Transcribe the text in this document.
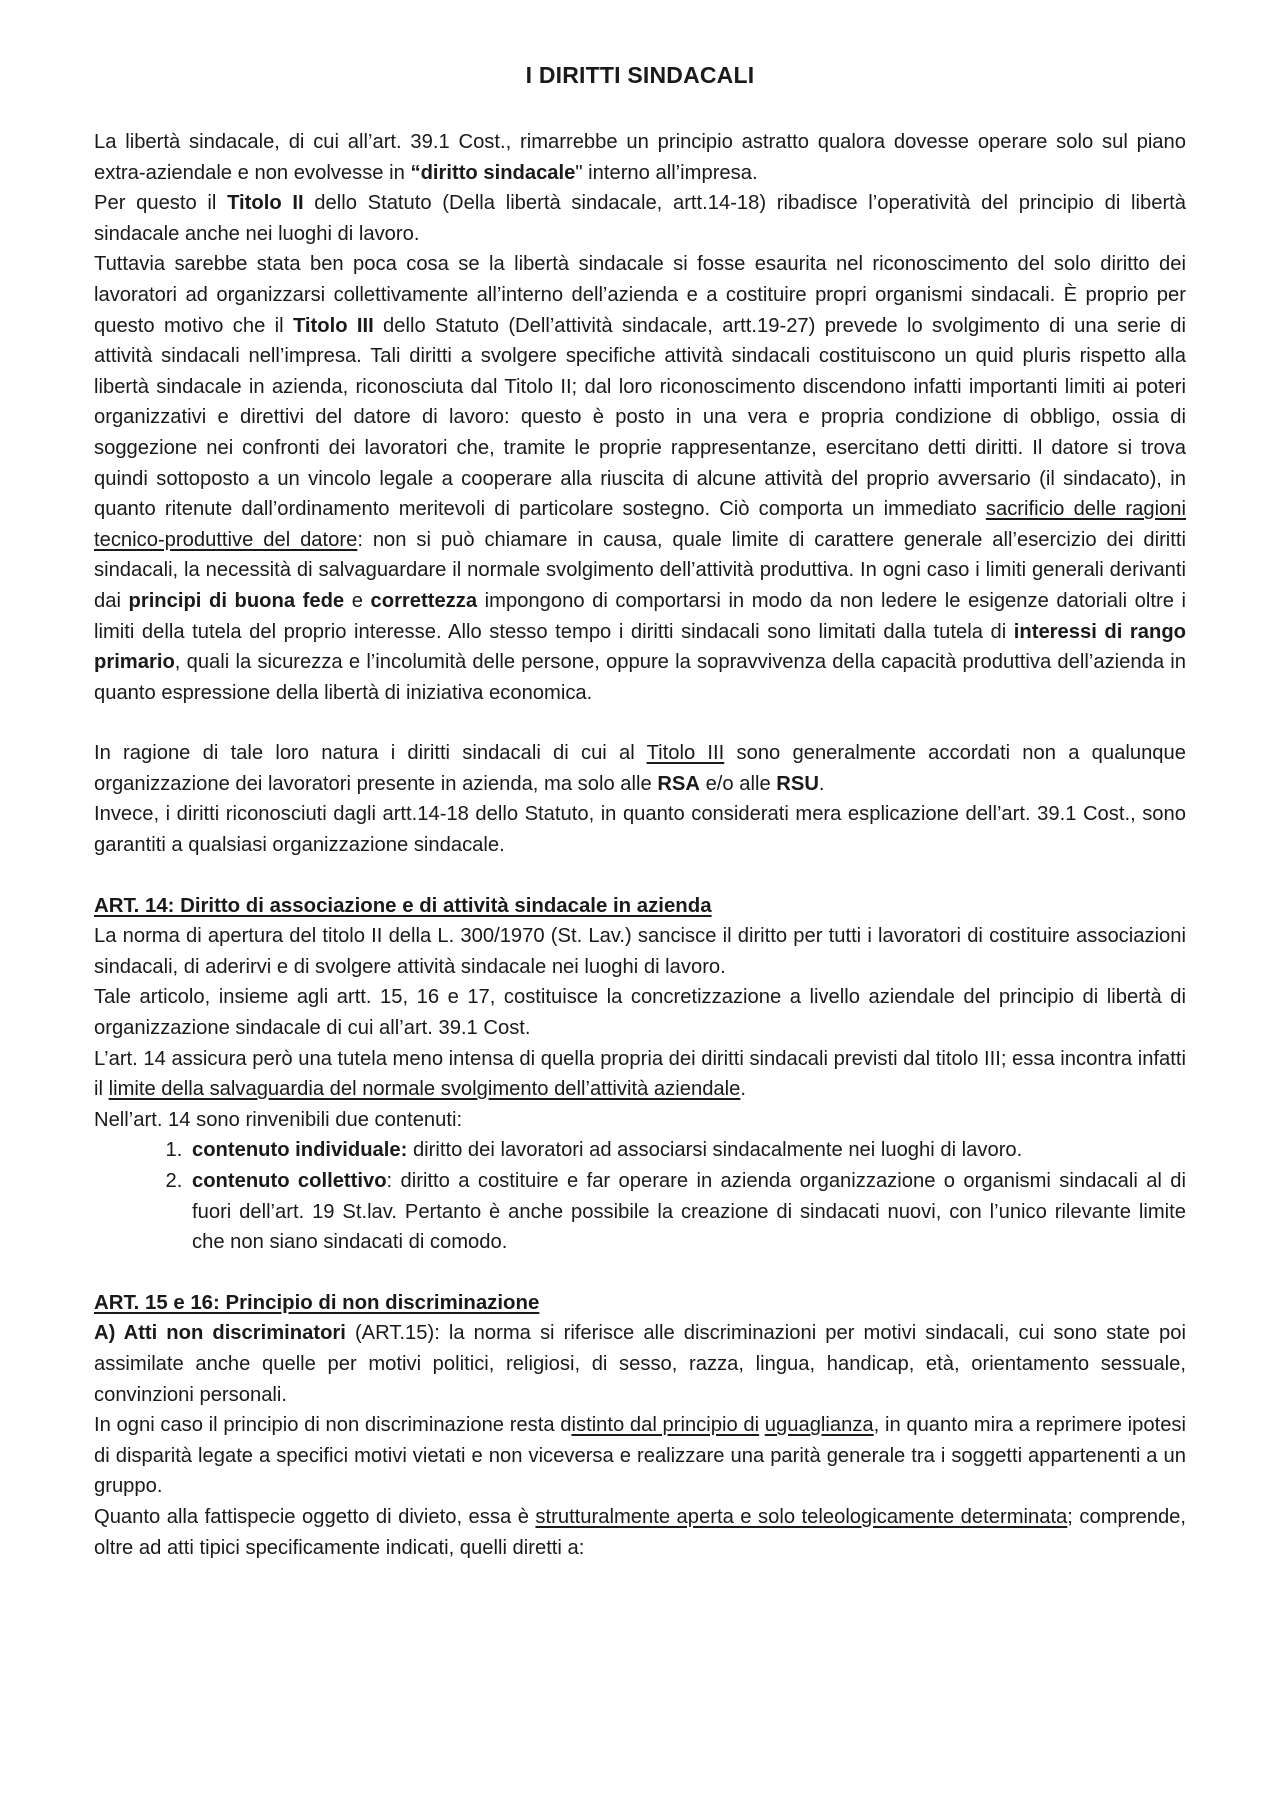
I DIRITTI SINDACALI

La libertà sindacale, di cui all’art. 39.1 Cost., rimarrebbe un principio astratto qualora dovesse operare solo sul piano extra-aziendale e non evolvesse in “diritto sindacale" interno all’impresa.

Per questo il Titolo II dello Statuto (Della libertà sindacale, artt.14-18) ribadisce l’operatività del principio di libertà sindacale anche nei luoghi di lavoro.

Tuttavia sarebbe stata ben poca cosa se la libertà sindacale si fosse esaurita nel riconoscimento del solo diritto dei lavoratori ad organizzarsi collettivamente all’interno dell’azienda e a costituire propri organismi sindacali. È proprio per questo motivo che il Titolo III dello Statuto (Dell’attività sindacale, artt.19-27) prevede lo svolgimento di una serie di attività sindacali nell’impresa. Tali diritti a svolgere specifiche attività sindacali costituiscono un quid pluris rispetto alla libertà sindacale in azienda, riconosciuta dal Titolo II; dal loro riconoscimento discendono infatti importanti limiti ai poteri organizzativi e direttivi del datore di lavoro: questo è posto in una vera e propria condizione di obbligo, ossia di soggezione nei confronti dei lavoratori che, tramite le proprie rappresentanze, esercitano detti diritti. Il datore si trova quindi sottoposto a un vincolo legale a cooperare alla riuscita di alcune attività del proprio avversario (il sindacato), in quanto ritenute dall’ordinamento meritevoli di particolare sostegno. Ciò comporta un immediato sacrificio delle ragioni tecnico-produttive del datore: non si può chiamare in causa, quale limite di carattere generale all’esercizio dei diritti sindacali, la necessità di salvaguardare il normale svolgimento dell’attività produttiva. In ogni caso i limiti generali derivanti dai principi di buona fede e correttezza impongono di comportarsi in modo da non ledere le esigenze datoriali oltre i limiti della tutela del proprio interesse. Allo stesso tempo i diritti sindacali sono limitati dalla tutela di interessi di rango primario, quali la sicurezza e l’incolumità delle persone, oppure la sopravvivenza della capacità produttiva dell’azienda in quanto espressione della libertà di iniziativa economica.

In ragione di tale loro natura i diritti sindacali di cui al Titolo III sono generalmente accordati non a qualunque organizzazione dei lavoratori presente in azienda, ma solo alle RSA e/o alle RSU.

Invece, i diritti riconosciuti dagli artt.14-18 dello Statuto, in quanto considerati mera esplicazione dell’art. 39.1 Cost., sono garantiti a qualsiasi organizzazione sindacale.

ART. 14: Diritto di associazione e di attività sindacale in azienda

La norma di apertura del titolo II della L. 300/1970 (St. Lav.) sancisce il diritto per tutti i lavoratori di costituire associazioni sindacali, di aderirvi e di svolgere attività sindacale nei luoghi di lavoro.

Tale articolo, insieme agli artt. 15, 16 e 17, costituisce la concretizzazione a livello aziendale del principio di libertà di organizzazione sindacale di cui all’art. 39.1 Cost.

L’art. 14 assicura però una tutela meno intensa di quella propria dei diritti sindacali previsti dal titolo III; essa incontra infatti il limite della salvaguardia del normale svolgimento dell’attività aziendale.

Nell’art. 14 sono rinvenibili due contenuti:

1. contenuto individuale: diritto dei lavoratori ad associarsi sindacalmente nei luoghi di lavoro.
2. contenuto collettivo: diritto a costituire e far operare in azienda organizzazione o organismi sindacali al di fuori dell’art. 19 St.lav. Pertanto è anche possibile la creazione di sindacati nuovi, con l’unico rilevante limite che non siano sindacati di comodo.
ART. 15 e 16: Principio di non discriminazione

A) Atti non discriminatori (ART.15): la norma si riferisce alle discriminazioni per motivi sindacali, cui sono state poi assimilate anche quelle per motivi politici, religiosi, di sesso, razza, lingua, handicap, età, orientamento sessuale, convinzioni personali.

In ogni caso il principio di non discriminazione resta distinto dal principio di uguaglianza, in quanto mira a reprimere ipotesi di disparità legate a specifici motivi vietati e non viceversa e realizzare una parità generale tra i soggetti appartenenti a un gruppo.

Quanto alla fattispecie oggetto di divieto, essa è strutturalmente aperta e solo teleologicamente determinata; comprende, oltre ad atti tipici specificamente indicati, quelli diretti a:
